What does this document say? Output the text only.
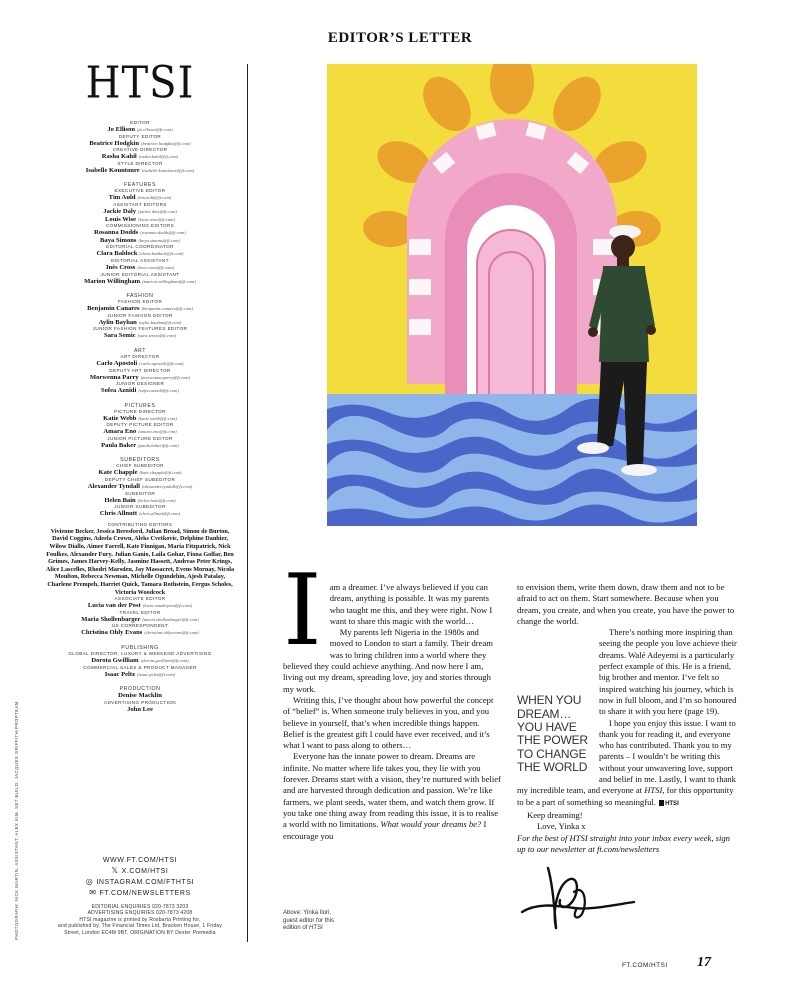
EDITOR’S LETTER
HTSI
EDITOR
Jo Ellison (jo.ellison@ft.com)
DEPUTY EDITOR
Beatrice Hodgkin (beatrice.hodgkin@ft.com)
CREATIVE DIRECTOR
Rasha Kahil (rasha.kahil@ft.com)
STYLE DIRECTOR
Isabelle Kountoure (isabelle.kountoure@ft.com)
FEATURES
EXECUTIVE EDITOR
Tim Auld (tim.auld@ft.com)
ASSISTANT EDITORS
Jackie Daly (jackie.daly@ft.com)
Louis Wise (louis.wise@ft.com)
COMMISSIONING EDITORS
Rosanna Dodds (rosanna.dodds@ft.com)
Baya Simons (baya.simons@ft.com)
EDITORIAL COORDINATOR
Clara Baldock (clara.baldock@ft.com)
EDITORIAL ASSISTANT
Inès Cross (ines.cross@ft.com)
JUNIOR EDITORIAL ASSISTANT
Marion Willingham (marion.willingham@ft.com)
FASHION
FASHION EDITOR
Benjamin Canares (benjamin.canares@ft.com)
JUNIOR FASHION EDITOR
Aylin Bayhan (aylin.bayhan@ft.com)
JUNIOR FASHION FEATURES EDITOR
Sara Semic (sara.semic@ft.com)
ART
ART DIRECTOR
Carlo Apostoli (carlo.apostoli@ft.com)
DEPUTY ART DIRECTOR
Morwenna Parry (morwenna.parry@ft.com)
JUNIOR DESIGNER
Sofea Aznidi (sofea.aznidi@ft.com)
PICTURES
PICTURE DIRECTOR
Katie Webb (katie.webb@ft.com)
DEPUTY PICTURE EDITOR
Amara Eno (amara.eno@ft.com)
JUNIOR PICTURE EDITOR
Paula Baker (paula.baker@ft.com)
SUBEDITORS
CHIEF SUBEDITOR
Kate Chapple (kate.chapple@ft.com)
DEPUTY CHIEF SUBEDITOR
Alexander Tyndall (alexander.tyndall@ft.com)
SUBEDITOR
Helen Bain (helen.bain@ft.com)
JUNIOR SUBEDITOR
Chris Allnutt (chris.allnutt@ft.com)
CONTRIBUTING EDITORS
Vivienne Becker, Jessica Beresford, Julian Broad, Simon de Burton, David Coggins, Adeela Crown, Aleks Cvetkovic, Delphine Danhier, Wilow Diallo, Aimee Farrell, Kate Finnigan, Maria Fitzpatrick, Nick Foulkes, Alexander Fury, Julian Ganio, Laila Gohar, Fiona Golfar, Ben Grimes, James Harvey-Kelly, Jasmine Hassett, Andreas Peter Krings, Alice Lascelles, Rhodri Marsden, Jay Massacret, Evens Mornay, Nicola Moulton, Rebecca Newman, Michelle Ogundehin, Ajesh Patalay, Charlene Prempeh, Harriet Quick, Tamara Rothstein, Fergus Scholes, Victoria Woodcock
ASSOCIATE EDITOR
Lucia van der Post (lucia.vanderpost@ft.com)
TRAVEL EDITOR
Maria Shollenbarger (maria.shollenbarger@ft.com)
US CORRESPONDENT
Christina Ohly Evans (christina.ohlyevans@ft.com)
PUBLISHING
GLOBAL DIRECTOR, LUXURY & WEEKEND ADVERTISING
Dorota Gwilliam (dorota.gwilliam@ft.com)
COMMERCIAL SALES & PRODUCT MANAGER
Isaac Peltz (isaac.peltz@ft.com)
PRODUCTION
Denise Macklin
ADVERTISING PRODUCTION
John Lee
WWW.FT.COM/HTSI
𝕏 X.COM/HTSI
◎ INSTAGRAM.COM/FTHTSI
✉ FT.COM/NEWSLETTERS
EDITORIAL ENQUIRIES 020-7873 3203
ADVERTISING ENQUIRIES 020-7873 4208
HTSI magazine is printed by Rosbarta Printing for,
and published by, The Financial Times Ltd, Bracken House, 1 Friday
Street, London EC4M 9BT. ORIGINATION BY Dexter Premedia
PHOTOGRAPH: NICK MARTIN. ASSISTANT: ALEX KIM. SET BUILD: JACQUES GRIFFITH-PROPTEAM
I am a dreamer. I’ve always believed if you can dream, anything is possible. It was my parents who taught me this, and they were right. Now I want to share this magic with the world…

My parents left Nigeria in the 1980s and moved to London to start a family. Their dream was to bring children into a world where they believed they could achieve anything. And now here I am, living out my dream, spreading love, joy and stories through my work.

Writing this, I’ve thought about how powerful the concept of “belief” is. When someone truly believes in you, and you believe in yourself, that’s when incredible things happen. Belief is the greatest gift I could have ever received, and it’s what I want to pass along to others…

Everyone has the innate power to dream. Dreams are infinite. No matter where life takes you, they lie with you forever. Dreams start with a vision, they’re nurtured with belief and are harvested through dedication and passion. We’re like farmers, we plant seeds, water them, and watch them grow. If you take one thing away from reading this issue, it is to realise a world with no limitations. What would your dreams be? I encourage you

to envision them, write them down, draw them and not to be afraid to act on them. Start somewhere. Because when you dream, you create, and when you create, you have the power to change the world.

WHEN YOU DREAM… YOU HAVE THE POWER TO CHANGE THE WORLD

There’s nothing more inspiring than seeing the people you love achieve their dreams. Walé Adeyemi is a particularly perfect example of this. He is a friend, big brother and mentor. I’ve felt so inspired watching his journey, which is now in full bloom, and I’m so honoured to share it with you here (page 19).

I hope you enjoy this issue. I want to thank you for reading it, and everyone who has contributed. Thank you to my parents – I wouldn’t be writing this without your unwavering love, support and belief in me. Lastly, I want to thank my incredible team, and everyone at HTSI, for this opportunity to be a part of something so meaningful. HTSI

Keep dreaming!

Love, Yinka x

For the best of HTSI straight into your inbox every week, sign up to our newsletter at ft.com/newsletters

Above: Yinka Ilori,
guest editor for this
edition of HTSI
FT.COM/HTSI 17
